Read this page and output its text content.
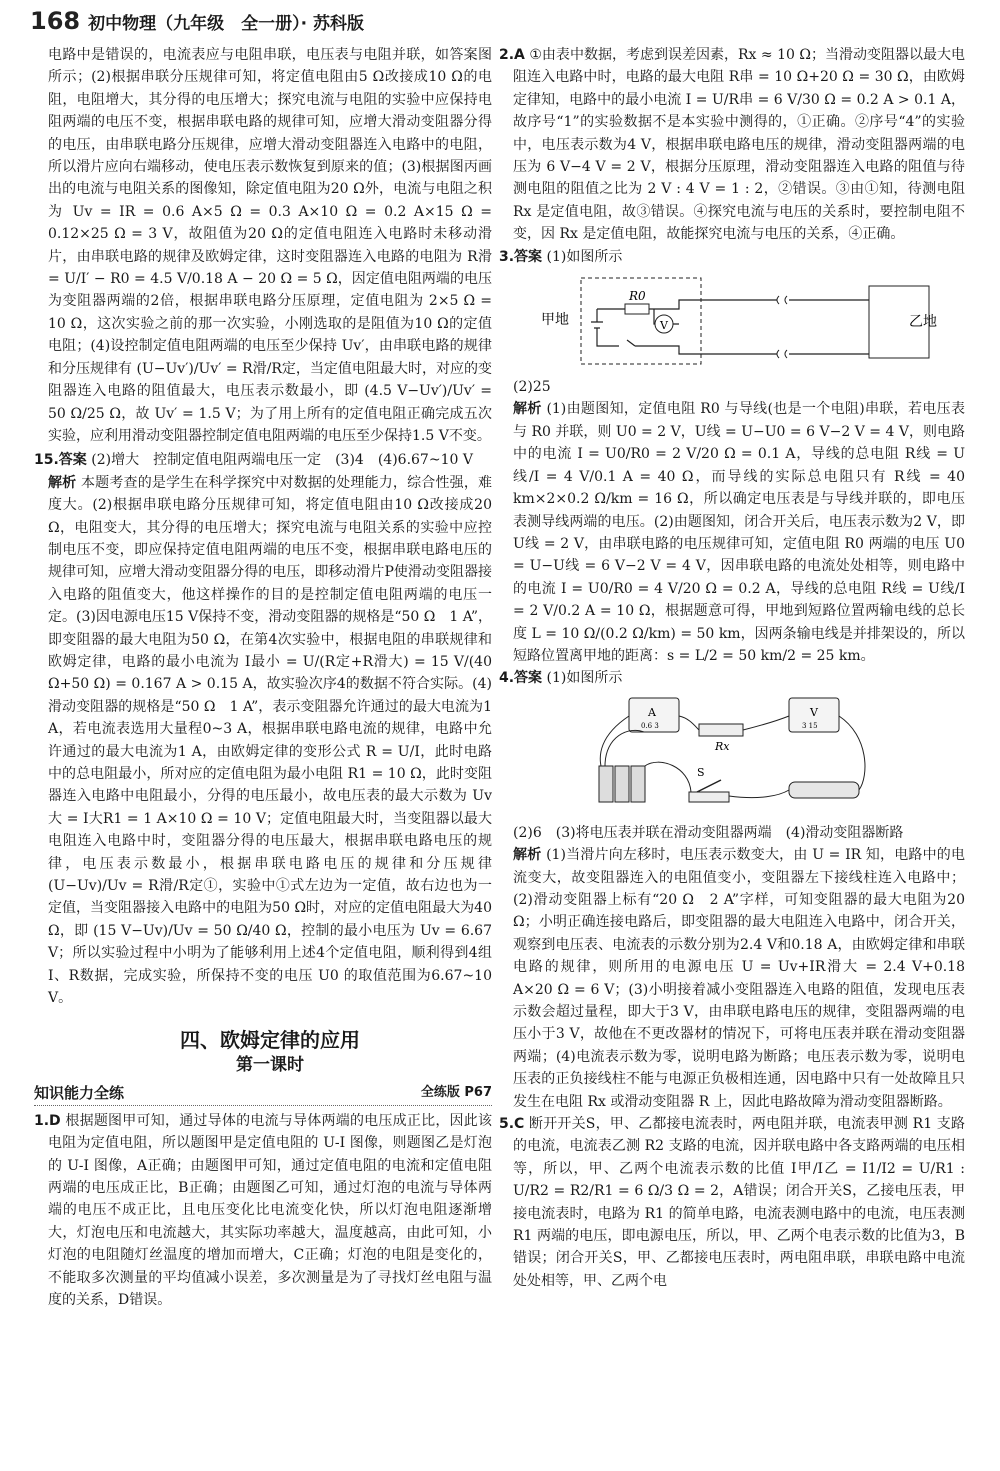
168 初中物理（九年级　全一册）· 苏科版

电路中是错误的，电流表应与电阻串联，电压表与电阻并联，如答案图所示；(2)根据串联分压规律可知，将定值电阻由5 Ω改接成10 Ω的电阻，电阻增大，其分得的电压增大；探究电流与电阻的实验中应保持电阻两端的电压不变，根据串联电路的规律可知，应增大滑动变阻器分得的电压，由串联电路分压规律，应增大滑动变阻器连入电路中的电阻，所以滑片应向右端移动，使电压表示数恢复到原来的值；(3)根据图丙画出的电流与电阻关系的图像知，除定值电阻为20 Ω外，电流与电阻之积为 Uv = IR = 0.6 A×5 Ω = 0.3 A×10 Ω = 0.2 A×15 Ω = 0.12×25 Ω = 3 V，故阻值为20 Ω的定值电阻连入电路时未移动滑片，由串联电路的规律及欧姆定律，这时变阻器连入电路的电阻为 R滑 = U/I′ − R0 = 4.5 V/0.18 A − 20 Ω = 5 Ω，因定值电阻两端的电压为变阻器两端的2倍，根据串联电路分压原理，定值电阻为 2×5 Ω = 10 Ω，这次实验之前的那一次实验，小刚选取的是阻值为10 Ω的定值电阻；(4)设控制定值电阻两端的电压至少保持 Uv′，由串联电路的规律和分压规律有 (U−Uv′)/Uv′ = R滑/R定，当定值电阻最大时，对应的变阻器连入电路的阻值最大，电压表示数最小，即 (4.5 V−Uv′)/Uv′ = 50 Ω/25 Ω，故 Uv′ = 1.5 V；为了用上所有的定值电阻正确完成五次实验，应利用滑动变阻器控制定值电阻两端的电压至少保持1.5 V不变。

15.答案 (2)增大　控制定值电阻两端电压一定　(3)4　(4)6.67~10 V

解析 本题考查的是学生在科学探究中对数据的处理能力，综合性强，难度大。(2)根据串联电路分压规律可知，将定值电阻由10 Ω改接成20 Ω，电阻变大，其分得的电压增大；探究电流与电阻关系的实验中应控制电压不变，即应保持定值电阻两端的电压不变，根据串联电路电压的规律可知，应增大滑动变阻器分得的电压，即移动滑片P使滑动变阻器接入电路的阻值变大，他这样操作的目的是控制定值电阻两端的电压一定。(3)因电源电压15 V保持不变，滑动变阻器的规格是“50 Ω　1 A”，即变阻器的最大电阻为50 Ω，在第4次实验中，根据电阻的串联规律和欧姆定律，电路的最小电流为 I最小 = U/(R定+R滑大) = 15 V/(40 Ω+50 Ω) = 0.167 A > 0.15 A，故实验次序4的数据不符合实际。(4)滑动变阻器的规格是“50 Ω　1 A”，表示变阻器允许通过的最大电流为1 A，若电流表选用大量程0~3 A，根据串联电路电流的规律，电路中允许通过的最大电流为1 A，由欧姆定律的变形公式 R = U/I，此时电路中的总电阻最小，所对应的定值电阻为最小电阻 R1 = 10 Ω，此时变阻器连入电路中电阻最小，分得的电压最小，故电压表的最大示数为 Uv大 = I大R1 = 1 A×10 Ω = 10 V；定值电阻最大时，当变阻器以最大电阻连入电路中时，变阻器分得的电压最大，根据串联电路电压的规律，电压表示数最小，根据串联电路电压的规律和分压规律 (U−Uv)/Uv = R滑/R定①，实验中①式左边为一定值，故右边也为一定值，当变阻器接入电路中的电阻为50 Ω时，对应的定值电阻最大为40 Ω，即 (15 V−Uv)/Uv = 50 Ω/40 Ω，控制的最小电压为 Uv = 6.67 V；所以实验过程中小明为了能够利用上述4个定值电阻，顺利得到4组I、R数据，完成实验，所保持不变的电压 U0 的取值范围为6.67~10 V。

四、欧姆定律的应用
第一课时
知识能力全练	全练版 P67

1.D 根据题图甲可知，通过导体的电流与导体两端的电压成正比，因此该电阻为定值电阻，所以题图甲是定值电阻的 U-I 图像，则题图乙是灯泡的 U-I 图像，A正确；由题图甲可知，通过定值电阻的电流和定值电阻两端的电压成正比，B正确；由题图乙可知，通过灯泡的电流与导体两端的电压不成正比，且电压变化比电流变化快，所以灯泡电阻逐渐增大，灯泡电压和电流越大，其实际功率越大，温度越高，由此可知，小灯泡的电阻随灯丝温度的增加而增大，C正确；灯泡的电阻是变化的，不能取多次测量的平均值减小误差，多次测量是为了寻找灯丝电阻与温度的关系，D错误。

2.A ①由表中数据，考虑到误差因素，Rx ≈ 10 Ω；当滑动变阻器以最大电阻连入电路中时，电路的最大电阻 R串 = 10 Ω+20 Ω = 30 Ω，由欧姆定律知，电路中的最小电流 I = U/R串 = 6 V/30 Ω = 0.2 A > 0.1 A，故序号“1”的实验数据不是本实验中测得的，①正确。②序号“4”的实验中，电压表示数为4 V，根据串联电路电压的规律，滑动变阻器两端的电压为 6 V−4 V = 2 V，根据分压原理，滑动变阻器连入电路的阻值与待测电阻的阻值之比为 2 V : 4 V = 1 : 2，②错误。③由①知，待测电阻 Rx 是定值电阻，故③错误。④探究电流与电压的关系时，要控制电阻不变，因 Rx 是定值电阻，故能探究电流与电压的关系，④正确。

3.答案 (1)如图所示

甲地
R0
V	乙地

(2)25

解析 (1)由题图知，定值电阻 R0 与导线(也是一个电阻)串联，若电压表与 R0 并联，则 U0 = 2 V，U线 = U−U0 = 6 V−2 V = 4 V，则电路中的电流 I = U0/R0 = 2 V/20 Ω = 0.1 A，导线的总电阻 R线 = U线/I = 4 V/0.1 A = 40 Ω，而导线的实际总电阻只有 R线 = 40 km×2×0.2 Ω/km = 16 Ω，所以确定电压表是与导线并联的，即电压表测导线两端的电压。(2)由题图知，闭合开关后，电压表示数为2 V，即 U线 = 2 V，由串联电路的电压规律可知，定值电阻 R0 两端的电压 U0 = U−U线 = 6 V−2 V = 4 V，因串联电路的电流处处相等，则电路中的电流 I = U0/R0 = 4 V/20 Ω = 0.2 A，导线的总电阻 R线 = U线/I = 2 V/0.2 A = 10 Ω，根据题意可得，甲地到短路位置两输电线的总长度 L = 10 Ω/(0.2 Ω/km) = 50 km，因两条输电线是并排架设的，所以短路位置离甲地的距离：s = L/2 = 50 km/2 = 25 km。

4.答案 (1)如图所示

A
0.6 3
V
3 15
Rx
S

(2)6　(3)将电压表并联在滑动变阻器两端　(4)滑动变阻器断路

解析 (1)当滑片向左移时，电压表示数变大，由 U = IR 知，电路中的电流变大，故变阻器连入的电阻值变小，变阻器左下接线柱连入电路中；(2)滑动变阻器上标有“20 Ω　2 A”字样，可知变阻器的最大电阻为20 Ω；小明正确连接电路后，即变阻器的最大电阻连入电路中，闭合开关，观察到电压表、电流表的示数分别为2.4 V和0.18 A，由欧姆定律和串联电路的规律，则所用的电源电压 U = Uv+IR滑大 = 2.4 V+0.18 A×20 Ω = 6 V；(3)小明接着减小变阻器连入电路的阻值，发现电压表示数会超过量程，即大于3 V，由串联电路电压的规律，变阻器两端的电压小于3 V，故他在不更改器材的情况下，可将电压表并联在滑动变阻器两端；(4)电流表示数为零，说明电路为断路；电压表示数为零，说明电压表的正负接线柱不能与电源正负极相连通，因电路中只有一处故障且只发生在电阻 Rx 或滑动变阻器 R 上，因此电路故障为滑动变阻器断路。

5.C 断开开关S，甲、乙都接电流表时，两电阻并联，电流表甲测 R1 支路的电流，电流表乙测 R2 支路的电流，因并联电路中各支路两端的电压相等，所以，甲、乙两个电流表示数的比值 I甲/I乙 = I1/I2 = U/R1 : U/R2 = R2/R1 = 6 Ω/3 Ω = 2，A错误；闭合开关S，乙接电压表，甲接电流表时，电路为 R1 的简单电路，电流表测电路中的电流，电压表测 R1 两端的电压，即电源电压，所以，甲、乙两个电表示数的比值为3，B错误；闭合开关S，甲、乙都接电压表时，两电阻串联，串联电路中电流处处相等，甲、乙两个电
